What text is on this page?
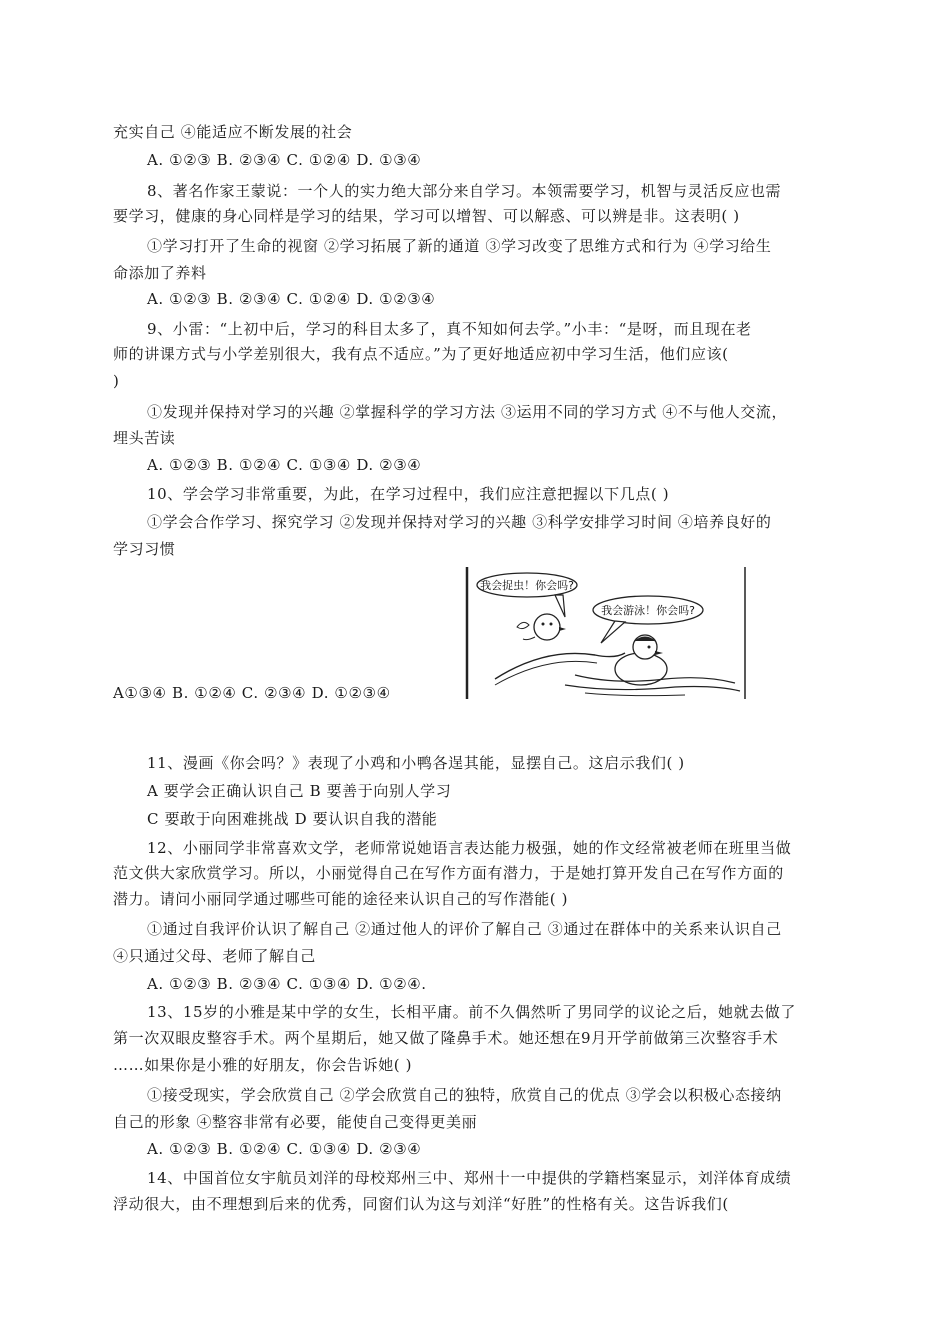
充实自己 ④能适应不断发展的社会
A. ①②③ B. ②③④ C. ①②④ D. ①③④
8、著名作家王蒙说：一个人的实力绝大部分来自学习。本领需要学习，机智与灵活反应也需
要学习，健康的身心同样是学习的结果，学习可以增智、可以解惑、可以辨是非。这表明( )
①学习打开了生命的视窗 ②学习拓展了新的通道 ③学习改变了思维方式和行为 ④学习给生
命添加了养料
A. ①②③ B. ②③④ C. ①②④ D. ①②③④
9、小雷：“上初中后，学习的科目太多了，真不知如何去学。”小丰：“是呀，而且现在老
师的讲课方式与小学差别很大，我有点不适应。”为了更好地适应初中学习生活，他们应该(
)
①发现并保持对学习的兴趣 ②掌握科学的学习方法 ③运用不同的学习方式 ④不与他人交流，
埋头苦读
A. ①②③ B. ①②④ C. ①③④ D. ②③④
10、学会学习非常重要，为此，在学习过程中，我们应注意把握以下几点( )
①学会合作学习、探究学习 ②发现并保持对学习的兴趣 ③科学安排学习时间 ④培养良好的
学习习惯
A①③④ B. ①②④ C. ②③④ D. ①②③④
我会捉虫！你会吗?
我会游泳！你会吗?
11、漫画《你会吗？》表现了小鸡和小鸭各逞其能，显摆自己。这启示我们( )
A 要学会正确认识自己 B 要善于向别人学习
C 要敢于向困难挑战 D 要认识自我的潜能
12、小丽同学非常喜欢文学，老师常说她语言表达能力极强，她的作文经常被老师在班里当做
范文供大家欣赏学习。所以，小丽觉得自己在写作方面有潜力，于是她打算开发自己在写作方面的
潜力。请问小丽同学通过哪些可能的途径来认识自己的写作潜能( )
①通过自我评价认识了解自己 ②通过他人的评价了解自己 ③通过在群体中的关系来认识自己
④只通过父母、老师了解自己
A. ①②③ B. ②③④ C. ①③④ D. ①②④.
13、15岁的小雅是某中学的女生，长相平庸。前不久偶然听了男同学的议论之后，她就去做了
第一次双眼皮整容手术。两个星期后，她又做了隆鼻手术。她还想在9月开学前做第三次整容手术
……如果你是小雅的好朋友，你会告诉她( )
①接受现实，学会欣赏自己 ②学会欣赏自己的独特，欣赏自己的优点 ③学会以积极心态接纳
自己的形象 ④整容非常有必要，能使自己变得更美丽
A. ①②③ B. ①②④ C. ①③④ D. ②③④
14、中国首位女宇航员刘洋的母校郑州三中、郑州十一中提供的学籍档案显示，刘洋体育成绩
浮动很大，由不理想到后来的优秀，同窗们认为这与刘洋“好胜”的性格有关。这告诉我们(
